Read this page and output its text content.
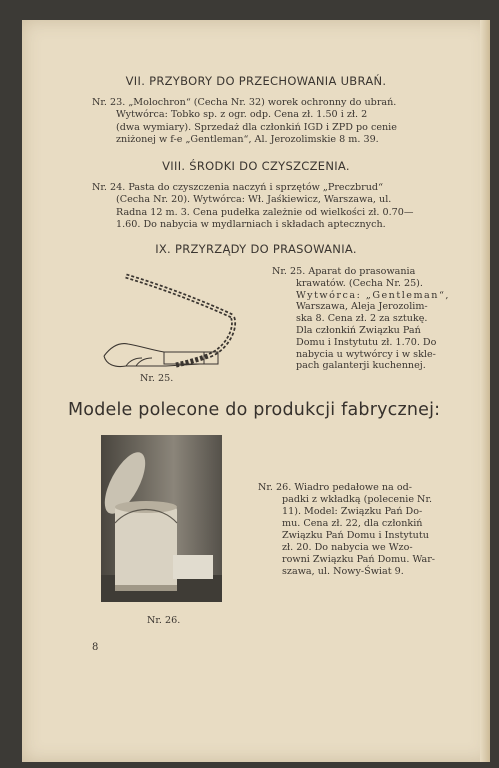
VII. PRZYBORY DO PRZECHOWANIA UBRAŃ.
Nr. 23. „Molochron“ (Cecha Nr. 32) worek ochronny do ubrań.
Wytwórca: Tobko sp. z ogr. odp. Cena zł. 1.50 i zł. 2
(dwa wymiary). Sprzedaż dla członkiń IGD i ZPD po cenie
zniżonej w f-e „Gentleman“, Al. Jerozolimskie 8 m. 39.
VIII. ŚRODKI DO CZYSZCZENIA.
Nr. 24. Pasta do czyszczenia naczyń i sprzętów „Preczbrud“
(Cecha Nr. 20). Wytwórca: Wł. Jaśkiewicz, Warszawa, ul.
Radna 12 m. 3. Cena pudełka zależnie od wielkości zł. 0.70—
1.60. Do nabycia w mydlarniach i składach aptecznych.
IX. PRZYRZĄDY DO PRASOWANIA.
Nr. 25.
Nr. 25. Aparat do prasowania
krawatów. (Cecha Nr. 25).
Wytwórca: „Gentleman“,
Warszawa, Aleja Jerozolim-
ska 8. Cena zł. 2 za sztukę.
Dla członkiń Związku Pań
Domu i Instytutu zł. 1.70. Do
nabycia u wytwórcy i w skle-
pach galanterji kuchennej.
Modele polecone do produkcji fabrycznej:
Nr. 26.
Nr. 26. Wiadro pedałowe na od-
padki z wkładką (polecenie Nr.
11). Model: Związku Pań Do-
mu. Cena zł. 22, dla członkiń
Związku Pań Domu i Instytutu
zł. 20. Do nabycia we Wzo-
rowni Związku Pań Domu. War-
szawa, ul. Nowy-Świat 9.
8
